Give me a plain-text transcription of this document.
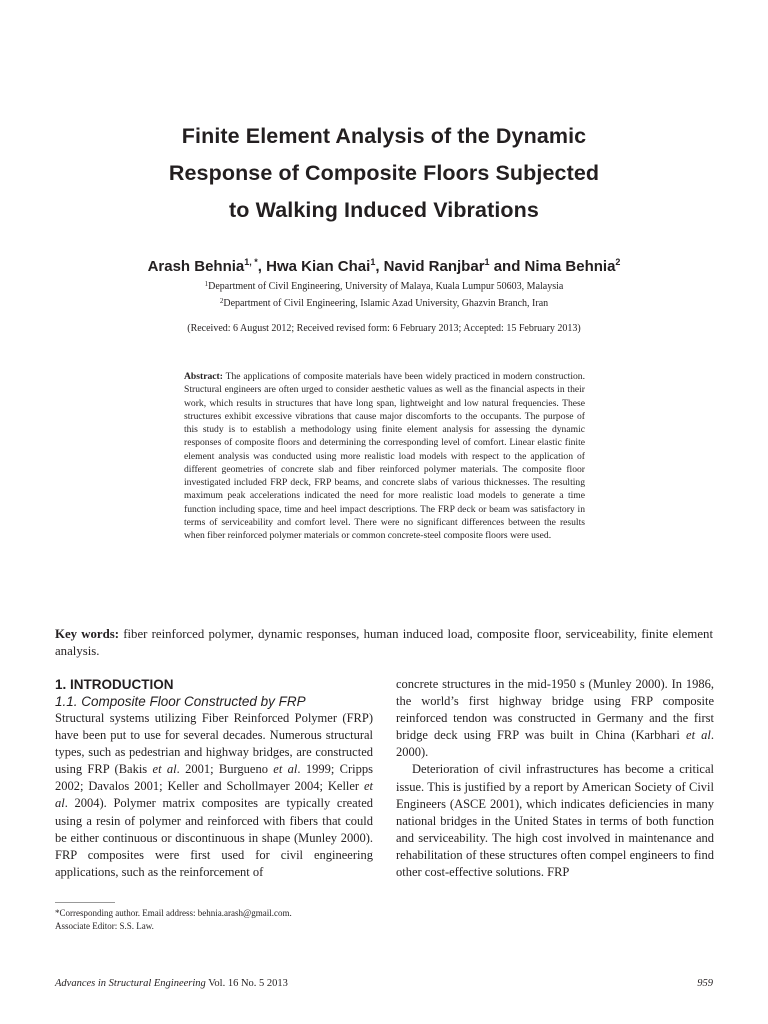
Finite Element Analysis of the Dynamic
Response of Composite Floors Subjected
to Walking Induced Vibrations
Arash Behnia$^{1, *}$, Hwa Kian Chai$^1$, Navid Ranjbar$^1$ and Nima Behnia$^2$
$^1$Department of Civil Engineering, University of Malaya, Kuala Lumpur 50603, Malaysia
$^2$Department of Civil Engineering, Islamic Azad University, Ghazvin Branch, Iran
(Received: 6 August 2012; Received revised form: 6 February 2013; Accepted: 15 February 2013)
Abstract: The applications of composite materials have been widely practiced in modern construction. Structural engineers are often urged to consider aesthetic values as well as the financial aspects in their work, which results in structures that have long span, lightweight and low natural frequencies. These structures exhibit excessive vibrations that cause major discomforts to the occupants. The purpose of this study is to establish a methodology using finite element analysis for assessing the dynamic responses of composite floors and determining the corresponding level of comfort. Linear elastic finite element analysis was conducted using more realistic load models with respect to the application of different geometries of concrete slab and fiber reinforced polymer materials. The composite floor investigated included FRP deck, FRP beams, and concrete slabs of various thicknesses. The resulting maximum peak accelerations indicated the need for more realistic load models to generate a time function including space, time and heel impact descriptions. The FRP deck or beam was satisfactory in terms of serviceability and comfort level. There were no significant differences between the results when fiber reinforced polymer materials or common concrete-steel composite floors were used.
Key words: fiber reinforced polymer, dynamic responses, human induced load, composite floor, serviceability, finite element analysis.
1. INTRODUCTION
1.1. Composite Floor Constructed by FRP

Structural systems utilizing Fiber Reinforced Polymer (FRP) have been put to use for several decades. Numerous structural types, such as pedestrian and highway bridges, are constructed using FRP (Bakis et al. 2001; Burgueno et al. 1999; Cripps 2002; Davalos 2001; Keller and Schollmayer 2004; Keller et al. 2004). Polymer matrix composites are typically created using a resin of polymer and reinforced with fibers that could be either continuous or discontinuous in shape (Munley 2000). FRP composites were first used for civil engineering applications, such as the reinforcement of

concrete structures in the mid-1950 s (Munley 2000). In 1986, the world’s first highway bridge using FRP composite reinforced tendon was constructed in Germany and the first bridge deck using FRP was built in China (Karbhari et al. 2000).

Deterioration of civil infrastructures has become a critical issue. This is justified by a report by American Society of Civil Engineers (ASCE 2001), which indicates deficiencies in many national bridges in the United States in terms of both function and serviceability. The high cost involved in maintenance and rehabilitation of these structures often compel engineers to find other cost-effective solutions. FRP

*Corresponding author. Email address: behnia.arash@gmail.com.
Associate Editor: S.S. Law.
Advances in Structural Engineering Vol. 16 No. 5 2013	959
